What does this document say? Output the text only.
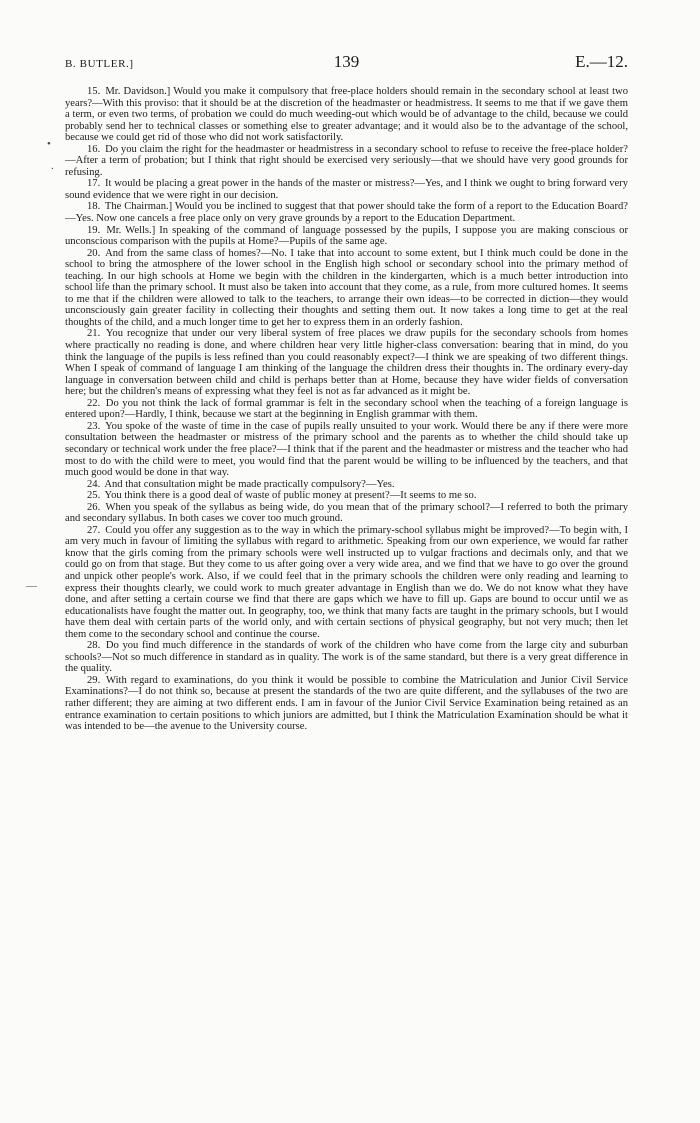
B. BUTLER.]	139	E.—12.
•
.
—

15. Mr. Davidson.] Would you make it compulsory that free-place holders should remain in the secondary school at least two years?—With this proviso: that it should be at the discretion of the headmaster or headmistress. It seems to me that if we gave them a term, or even two terms, of probation we could do much weeding-out which would be of advantage to the child, because we could probably send her to technical classes or something else to greater advantage; and it would also be to the advantage of the school, because we could get rid of those who did not work satisfactorily.

16. Do you claim the right for the headmaster or headmistress in a secondary school to refuse to receive the free-place holder?—After a term of probation; but I think that right should be exercised very seriously—that we should have very good grounds for refusing.

17. It would be placing a great power in the hands of the master or mistress?—Yes, and I think we ought to bring forward very sound evidence that we were right in our decision.

18. The Chairman.] Would you be inclined to suggest that that power should take the form of a report to the Education Board?—Yes. Now one cancels a free place only on very grave grounds by a report to the Education Department.

19. Mr. Wells.] In speaking of the command of language possessed by the pupils, I suppose you are making conscious or unconscious comparison with the pupils at Home?—Pupils of the same age.

20. And from the same class of homes?—No. I take that into account to some extent, but I think much could be done in the school to bring the atmosphere of the lower school in the English high school or secondary school into the primary method of teaching. In our high schools at Home we begin with the children in the kindergarten, which is a much better introduction into school life than the primary school. It must also be taken into account that they come, as a rule, from more cultured homes. It seems to me that if the children were allowed to talk to the teachers, to arrange their own ideas—to be corrected in diction—they would unconsciously gain greater facility in collecting their thoughts and setting them out. It now takes a long time to get at the real thoughts of the child, and a much longer time to get her to express them in an orderly fashion.

21. You recognize that under our very liberal system of free places we draw pupils for the secondary schools from homes where practically no reading is done, and where children hear very little higher-class conversation: bearing that in mind, do you think the language of the pupils is less refined than you could reasonably expect?—I think we are speaking of two different things. When I speak of command of language I am thinking of the language the children dress their thoughts in. The ordinary every-day language in conversation between child and child is perhaps better than at Home, because they have wider fields of conversation here; but the children's means of expressing what they feel is not as far advanced as it might be.

22. Do you not think the lack of formal grammar is felt in the secondary school when the teaching of a foreign language is entered upon?—Hardly, I think, because we start at the beginning in English grammar with them.

23. You spoke of the waste of time in the case of pupils really unsuited to your work. Would there be any if there were more consultation between the headmaster or mistress of the primary school and the parents as to whether the child should take up secondary or technical work under the free place?—I think that if the parent and the headmaster or mistress and the teacher who had most to do with the child were to meet, you would find that the parent would be willing to be influenced by the teachers, and that much good would be done in that way.

24. And that consultation might be made practically compulsory?—Yes.

25. You think there is a good deal of waste of public money at present?—It seems to me so.

26. When you speak of the syllabus as being wide, do you mean that of the primary school?—I referred to both the primary and secondary syllabus. In both cases we cover too much ground.

27. Could you offer any suggestion as to the way in which the primary-school syllabus might be improved?—To begin with, I am very much in favour of limiting the syllabus with regard to arithmetic. Speaking from our own experience, we would far rather know that the girls coming from the primary schools were well instructed up to vulgar fractions and decimals only, and that we could go on from that stage. But they come to us after going over a very wide area, and we find that we have to go over the ground and unpick other people's work. Also, if we could feel that in the primary schools the children were only reading and learning to express their thoughts clearly, we could work to much greater advantage in English than we do. We do not know what they have done, and after setting a certain course we find that there are gaps which we have to fill up. Gaps are bound to occur until we as educationalists have fought the matter out. In geography, too, we think that many facts are taught in the primary schools, but I would have them deal with certain parts of the world only, and with certain sections of physical geography, but not very much; then let them come to the secondary school and continue the course.

28. Do you find much difference in the standards of work of the children who have come from the large city and suburban schools?—Not so much difference in standard as in quality. The work is of the same standard, but there is a very great difference in the quality.

29. With regard to examinations, do you think it would be possible to combine the Matriculation and Junior Civil Service Examinations?—I do not think so, because at present the standards of the two are quite different, and the syllabuses of the two are rather different; they are aiming at two different ends. I am in favour of the Junior Civil Service Examination being retained as an entrance examination to certain positions to which juniors are admitted, but I think the Matriculation Examination should be what it was intended to be—the avenue to the University course.
